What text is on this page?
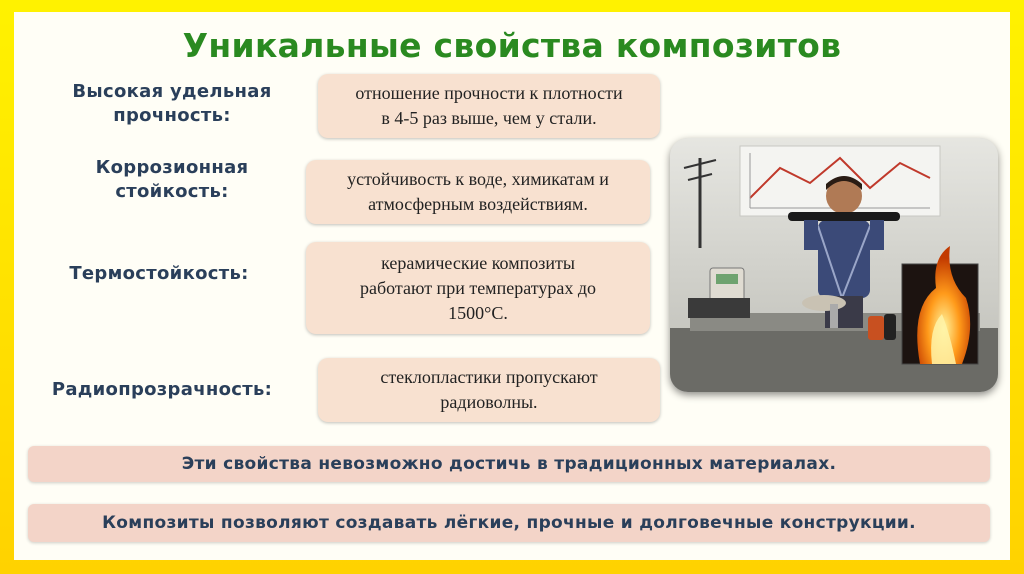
Уникальные свойства композитов
Высокая удельная
прочность:
отношение прочности к плотности
в 4-5 раз выше, чем у стали.
Коррозионная
стойкость:
устойчивость к воде, химикатам и
атмосферным воздействиям.
Термостойкость:
керамические композиты
работают при температурах до
1500°C.
Радиопрозрачность:
стеклопластики пропускают
радиоволны.
Эти свойства невозможно достичь в традиционных материалах.
Композиты позволяют создавать лёгкие, прочные и долговечные конструкции.
